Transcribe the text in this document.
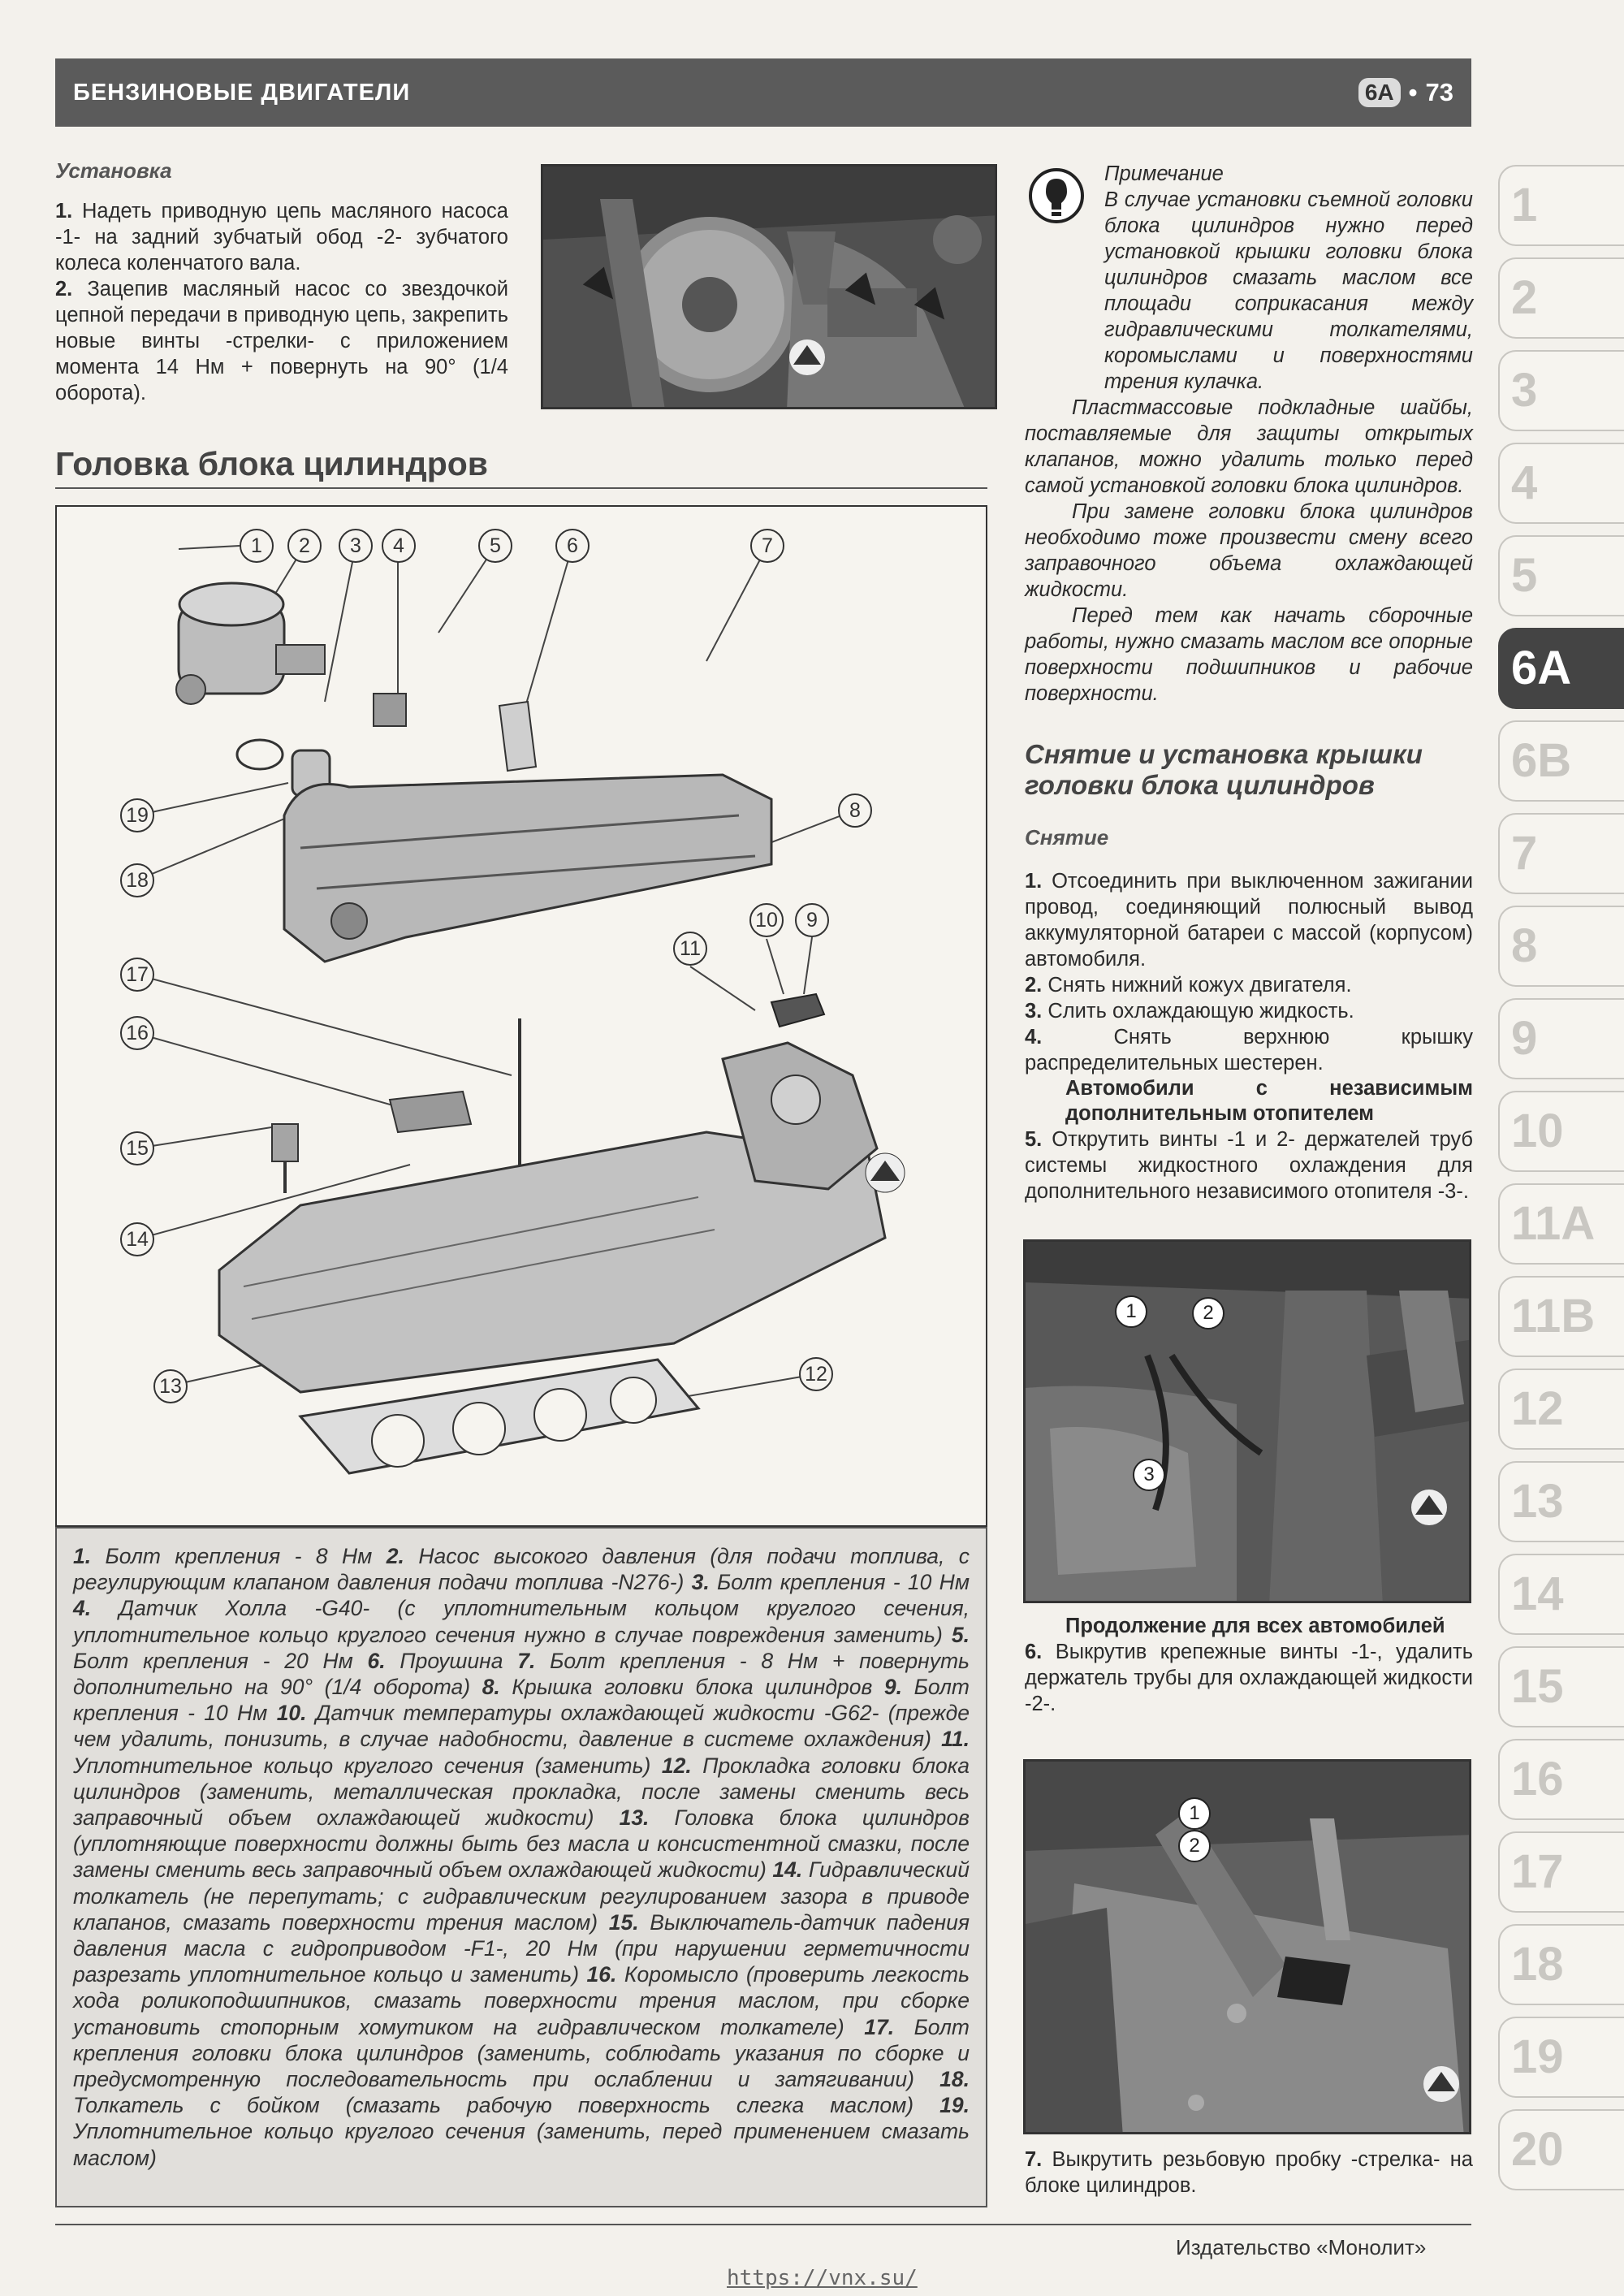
БЕНЗИНОВЫЕ ДВИГАТЕЛИ	6A • 73
Установка

1. Надеть приводную цепь масляного насоса -1- на задний зубчатый обод -2- зубчатого колеса коленчатого вала.

2. Зацепив масляный насос со звездочкой цепной передачи в приводную цепь, закрепить новые винты -стрелки- с приложением момента 14 Нм + повернуть на 90° (1/4 оборота).

Головка блока цилиндров
1	2	3	4	5	6	7
8
9
10
11
12
13
14
15
16
17
18
19
1. Болт крепления - 8 Нм 2. Насос высокого давления (для подачи топлива, с регулирующим клапаном давления подачи топлива -N276-) 3. Болт крепления - 10 Нм 4. Датчик Холла -G40- (с уплотнительным кольцом круглого сечения, уплотнительное кольцо круглого сечения нужно в случае повреждения заменить) 5. Болт крепления - 20 Нм 6. Проушина 7. Болт крепления - 8 Нм + повернуть дополнительно на 90° (1/4 оборота) 8. Крышка головки блока цилиндров 9. Болт крепления - 10 Нм 10. Датчик температуры охлаждающей жидкости -G62- (прежде чем удалить, понизить, в случае надобности, давление в системе охлаждения) 11. Уплотнительное кольцо круглого сечения (заменить) 12. Прокладка головки блока цилиндров (заменить, металлическая прокладка, после замены сменить весь заправочный объем охлаждающей жидкости) 13. Головка блока цилиндров (уплотняющие поверхности должны быть без масла и консистентной смазки, после замены сменить весь заправочный объем охлаждающей жидкости) 14. Гидравлический толкатель (не перепутать; с гидравлическим регулированием зазора в приводе клапанов, смазать поверхности трения маслом) 15. Выключатель-датчик падения давления масла с гидроприводом -F1-, 20 Нм (при нарушении герметичности разрезать уплотнительное кольцо и заменить) 16. Коромысло (проверить легкость хода роликоподшипников, смазать поверхности трения маслом, при сборке установить стопорным хомутиком на гидравлическом толкателе) 17. Болт крепления головки блока цилиндров (заменить, соблюдать указания по сборке и предусмотренную последовательность при ослаблении и затягивании) 18. Толкатель с бойком (смазать рабочую поверхность слегка маслом) 19. Уплотнительное кольцо круглого сечения (заменить, перед применением смазать маслом)

Примечание

В случае установки съемной головки блока цилиндров нужно перед установкой крышки головки блока цилиндров смазать маслом все площади соприкасания между гидравлическими толкателями, коромыслами и поверхностями трения кулачка.

Пластмассовые подкладные шайбы, поставляемые для защиты открытых клапанов, можно удалить только перед самой установкой головки блока цилиндров.

При замене головки блока цилиндров необходимо тоже произвести смену всего заправочного объема охлаждающей жидкости.

Перед тем как начать сборочные работы, нужно смазать маслом все опорные поверхности подшипников и рабочие поверхности.

Снятие и установка крышки головки блока цилиндров
Снятие

1. Отсоединить при выключенном зажигании провод, соединяющий полюсный вывод аккумуляторной батареи с массой (корпусом) автомобиля.

2. Снять нижний кожух двигателя.

3. Слить охлаждающую жидкость.

4.	Снять верхнюю крышку распределительных шестерен.

Автомобили с независимым дополнительным отопителем

5. Открутить винты -1 и 2- держателей труб системы жидкостного охлаждения для дополнительного независимого отопителя -3-.

1	2
3

Продолжение для всех автомобилей

6. Выкрутив крепежные винты -1-, удалить держатель трубы для охлаждающей жидкости -2-.

1
2

7. Выкрутить резьбовую пробку -стрелка- на блоке цилиндров.

1
2
3
4
5
6A
6B
7
8
9
10
11A
11B
12
13
14
15
16
17
18
19
20
Издательство «Монолит»
https://vnx.su/
